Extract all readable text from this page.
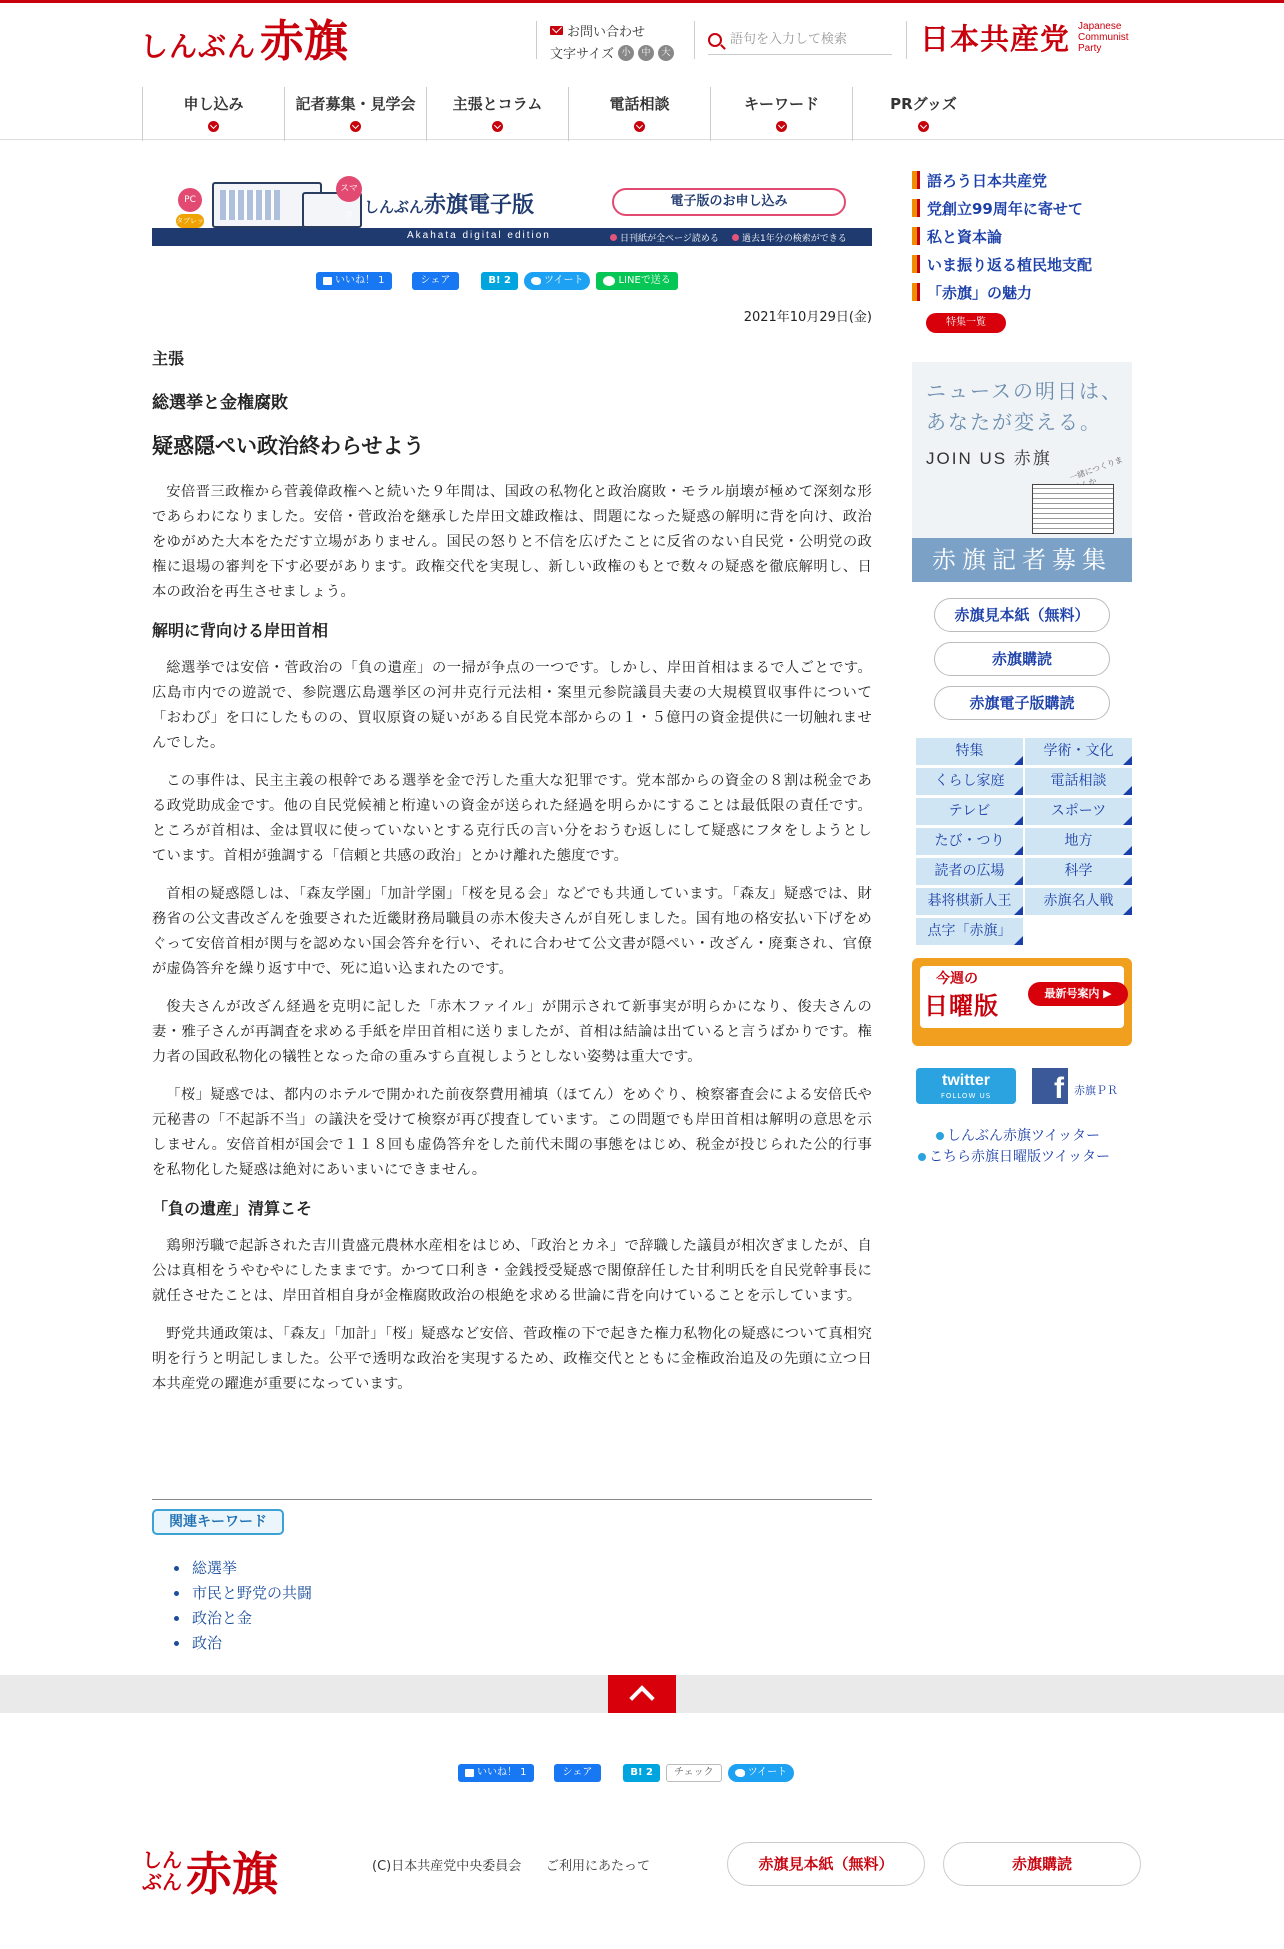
しんぶん 赤旗	お問い合わせ
文字サイズ 小	中	大
語句を入力して検索	日本共産党 Japanese
Communist
Party
申し込み	記者募集・見学会	主張とコラム	電話相談	キーワード	PRグッズ
PC
タブレッ
スマホ しんぶん赤旗電子版	電子版のお申し込み
Akahata digital edition	日刊紙が全ページ読める	過去1年分の検索ができる
いいね！ 1	シェア	B! 2	ツイート	LINEで送る
2021年10月29日(金)
主張
総選挙と金権腐敗
疑惑隠ぺい政治終わらせよう

安倍晋三政権から菅義偉政権へと続いた９年間は、国政の私物化と政治腐敗・モラル崩壊が極めて深刻な形であらわになりました。安倍・菅政治を継承した岸田文雄政権は、問題になった疑惑の解明に背を向け、政治をゆがめた大本をただす立場がありません。国民の怒りと不信を広げたことに反省のない自民党・公明党の政権に退場の審判を下す必要があります。政権交代を実現し、新しい政権のもとで数々の疑惑を徹底解明し、日本の政治を再生させましょう。

解明に背向ける岸田首相

総選挙では安倍・菅政治の「負の遺産」の一掃が争点の一つです。しかし、岸田首相はまるで人ごとです。広島市内での遊説で、参院選広島選挙区の河井克行元法相・案里元参院議員夫妻の大規模買収事件について「おわび」を口にしたものの、買収原資の疑いがある自民党本部からの１・５億円の資金提供に一切触れませんでした。

この事件は、民主主義の根幹である選挙を金で汚した重大な犯罪です。党本部からの資金の８割は税金である政党助成金です。他の自民党候補と桁違いの資金が送られた経過を明らかにすることは最低限の責任です。ところが首相は、金は買収に使っていないとする克行氏の言い分をおうむ返しにして疑惑にフタをしようとしています。首相が強調する「信頼と共感の政治」とかけ離れた態度です。

首相の疑惑隠しは、「森友学園」「加計学園」「桜を見る会」などでも共通しています。「森友」疑惑では、財務省の公文書改ざんを強要された近畿財務局職員の赤木俊夫さんが自死しました。国有地の格安払い下げをめぐって安倍首相が関与を認めない国会答弁を行い、それに合わせて公文書が隠ぺい・改ざん・廃棄され、官僚が虚偽答弁を繰り返す中で、死に追い込まれたのです。

俊夫さんが改ざん経過を克明に記した「赤木ファイル」が開示されて新事実が明らかになり、俊夫さんの妻・雅子さんが再調査を求める手紙を岸田首相に送りましたが、首相は結論は出ていると言うばかりです。権力者の国政私物化の犠牲となった命の重みすら直視しようとしない姿勢は重大です。

「桜」疑惑では、都内のホテルで開かれた前夜祭費用補填（ほてん）をめぐり、検察審査会による安倍氏や元秘書の「不起訴不当」の議決を受けて検察が再び捜査しています。この問題でも岸田首相は解明の意思を示しません。安倍首相が国会で１１８回も虚偽答弁をした前代未聞の事態をはじめ、税金が投じられた公的行事を私物化した疑惑は絶対にあいまいにできません。

「負の遺産」清算こそ

鶏卵汚職で起訴された吉川貴盛元農林水産相をはじめ、「政治とカネ」で辞職した議員が相次ぎましたが、自公は真相をうやむやにしたままです。かつて口利き・金銭授受疑惑で閣僚辞任した甘利明氏を自民党幹事長に就任させたことは、岸田首相自身が金権腐敗政治の根絶を求める世論に背を向けていることを示しています。

野党共通政策は、「森友」「加計」「桜」疑惑など安倍、菅政権の下で起きた権力私物化の疑惑について真相究明を行うと明記しました。公平で透明な政治を実現するため、政権交代とともに金権政治追及の先頭に立つ日本共産党の躍進が重要になっています。

関連キーワード
総選挙
市民と野党の共闘
政治と金
政治
語ろう日本共産党
党創立99周年に寄せて
私と資本論
いま振り返る植民地支配
「赤旗」の魅力
特集一覧
ニュースの明日は、
あなたが変える。
JOIN US 赤旗 一緒につくりませんか
赤旗記者募集
赤旗見本紙（無料）
赤旗購読
赤旗電子版購読
特集	学術・文化
くらし家庭	電話相談
テレビ	スポーツ
たび・つり	地方
読者の広場	科学
碁将棋新人王	赤旗名人戦
点字「赤旗」
今週の
日曜版	最新号案内 ▶
twitter
FOLLOW US	f 赤旗ＰＲ
しんぶん赤旗ツイッター
こちら赤旗日曜版ツイッター
いいね！ 1	シェア	B! 2	チェック	ツイート
しんぶん 赤旗	(C)日本共産党中央委員会 ご利用にあたって	赤旗見本紙（無料）	赤旗購読
